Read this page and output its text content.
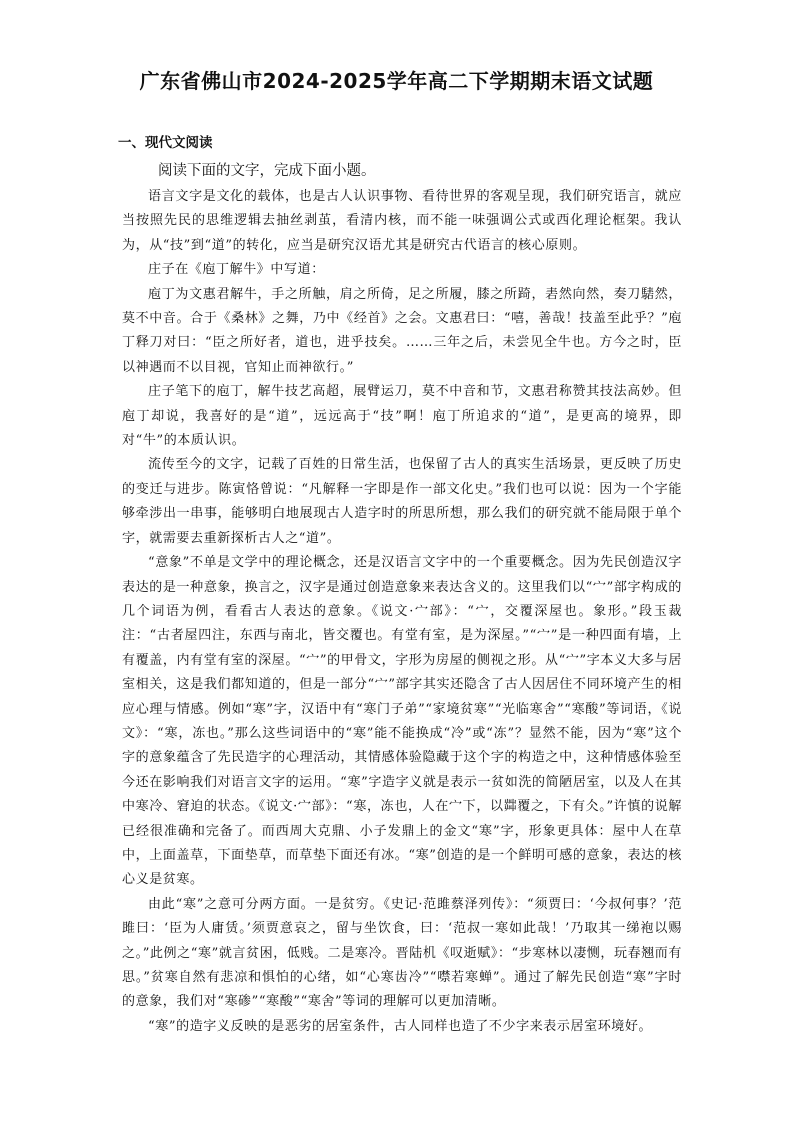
广东省佛山市2024-2025学年高二下学期期末语文试题
一、现代文阅读
阅读下面的文字，完成下面小题。

语言文字是文化的载体，也是古人认识事物、看待世界的客观呈现，我们研究语言，就应当按照先民的思维逻辑去抽丝剥茧，看清内核，而不能一味强调公式或西化理论框架。我认为，从“技”到“道”的转化，应当是研究汉语尤其是研究古代语言的核心原则。

庄子在《庖丁解牛》中写道：

庖丁为文惠君解牛，手之所触，肩之所倚，足之所履，膝之所踦，砉然向然，奏刀騞然，莫不中音。合于《桑林》之舞，乃中《经首》之会。文惠君曰：“嘻，善哉！技盖至此乎？”庖丁释刀对曰：“臣之所好者，道也，进乎技矣。……三年之后，未尝见全牛也。方今之时，臣以神遇而不以目视，官知止而神欲行。”

庄子笔下的庖丁，解牛技艺高超，展臂运刀，莫不中音和节，文惠君称赞其技法高妙。但庖丁却说，我喜好的是“道”，远远高于“技”啊！庖丁所追求的“道”，是更高的境界，即对“牛”的本质认识。

流传至今的文字，记载了百姓的日常生活，也保留了古人的真实生活场景，更反映了历史的变迁与进步。陈寅恪曾说：“凡解释一字即是作一部文化史。”我们也可以说：因为一个字能够牵涉出一串事，能够明白地展现古人造字时的所思所想，那么我们的研究就不能局限于单个字，就需要去重新探析古人之“道”。

“意象”不单是文学中的理论概念，还是汉语言文字中的一个重要概念。因为先民创造汉字表达的是一种意象，换言之，汉字是通过创造意象来表达含义的。这里我们以“宀”部字构成的几个词语为例，看看古人表达的意象。《说文·宀部》：“宀，交覆深屋也。象形。”段玉裁注：“古者屋四注，东西与南北，皆交覆也。有堂有室，是为深屋。”“宀”是一种四面有墙，上有覆盖，内有堂有室的深屋。“宀”的甲骨文，字形为房屋的侧视之形。从“宀”字本义大多与居室相关，这是我们都知道的，但是一部分“宀”部字其实还隐含了古人因居住不同环境产生的相应心理与情感。例如“寒”字，汉语中有“寒门子弟”“家境贫寒”“光临寒舍”“寒酸”等词语，《说文》：“寒，冻也。”那么这些词语中的“寒”能不能换成“冷”或“冻”？显然不能，因为“寒”这个字的意象蕴含了先民造字的心理活动，其情感体验隐藏于这个字的构造之中，这种情感体验至今还在影响我们对语言文字的运用。“寒”字造字义就是表示一贫如洗的简陋居室，以及人在其中寒冷、窘迫的状态。《说文·宀部》：“寒，冻也，人在宀下，以茻覆之，下有仌。”许慎的说解已经很准确和完备了。而西周大克鼎、小子发鼎上的金文“寒”字，形象更具体：屋中人在草中，上面盖草，下面垫草，而草垫下面还有冰。“寒”创造的是一个鲜明可感的意象，表达的核心义是贫寒。

由此“寒”之意可分两方面。一是贫穷。《史记·范雎蔡泽列传》：“须贾曰：‘今叔何事？’范雎曰：‘臣为人庸赁。’须贾意哀之，留与坐饮食，曰：‘范叔一寒如此哉！’乃取其一绨袍以赐之。”此例之“寒”就言贫困，低贱。二是寒冷。晋陆机《叹逝赋》：“步寒林以凄恻，玩春翘而有思。”贫寒自然有悲凉和惧怕的心绪，如“心寒齿冷”“噤若寒蝉”。通过了解先民创造“寒”字时的意象，我们对“寒碜”“寒酸”“寒舍”等词的理解可以更加清晰。

“寒”的造字义反映的是恶劣的居室条件，古人同样也造了不少字来表示居室环境好。
